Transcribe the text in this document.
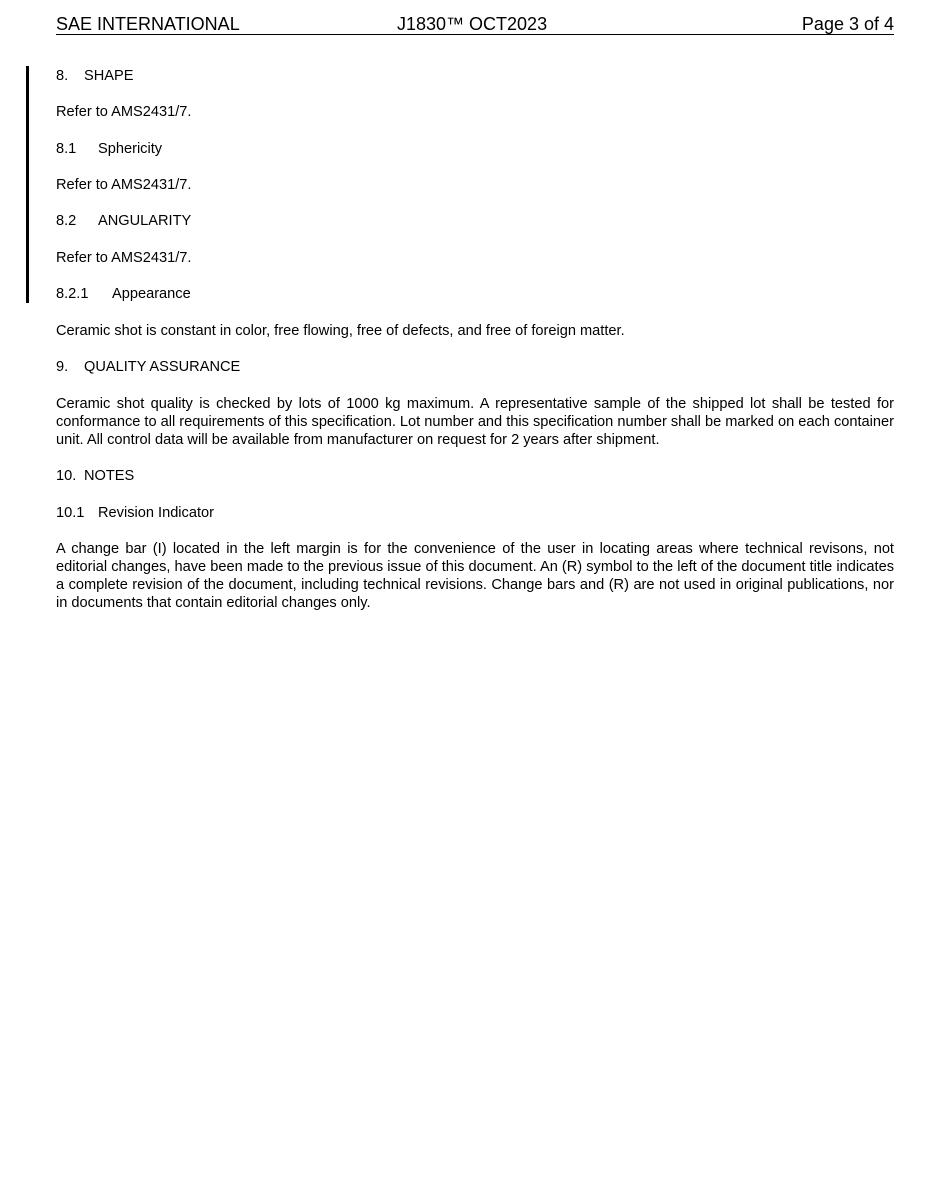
SAE INTERNATIONAL	J1830™ OCT2023	Page 3 of 4
8. SHAPE
Refer to AMS2431/7.
8.1 Sphericity
Refer to AMS2431/7.
8.2 ANGULARITY
Refer to AMS2431/7.
8.2.1 Appearance
Ceramic shot is constant in color, free flowing, free of defects, and free of foreign matter.
9. QUALITY ASSURANCE
Ceramic shot quality is checked by lots of 1000 kg maximum. A representative sample of the shipped lot shall be tested for conformance to all requirements of this specification. Lot number and this specification number shall be marked on each container unit. All control data will be available from manufacturer on request for 2 years after shipment.
10. NOTES
10.1 Revision Indicator
A change bar (I) located in the left margin is for the convenience of the user in locating areas where technical revisons, not editorial changes, have been made to the previous issue of this document. An (R) symbol to the left of the document title indicates a complete revision of the document, including technical revisions. Change bars and (R) are not used in original publications, nor in documents that contain editorial changes only.
